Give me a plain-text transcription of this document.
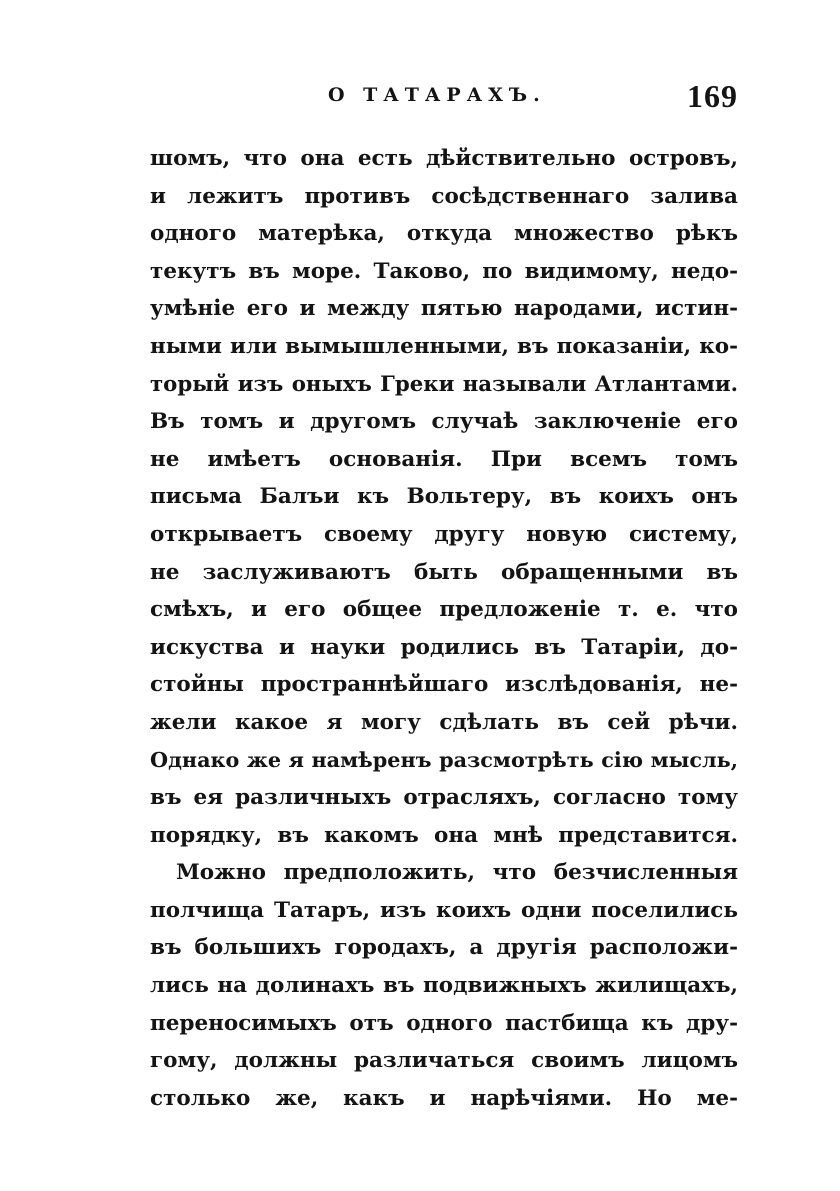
О ТАТАРАХЪ.	169
шомъ, что она есть дѣйствительно островъ,
и лежитъ противъ сосѣдственнаго залива
одного матерѣка, откуда множество рѣкъ
текутъ въ море. Таково, по видимому, недо-
умѣніе его и между пятью народами, истин-
ными или вымышленными, въ показаніи, ко-
торый изъ оныхъ Греки называли Атлантами.
Въ томъ и другомъ случаѣ заключеніе его
не имѣетъ основанія. При всемъ томъ
письма Балъи къ Вольтеру, въ коихъ онъ
открываетъ своему другу новую систему,
не заслуживаютъ быть обращенными въ
смѣхъ, и его общее предложеніе т. е. что
искуства и науки родились въ Татаріи, до-
стойны пространнѣйшаго изслѣдованія, не-
жели какое я могу сдѣлать въ сей рѣчи.
Однако же я намѣренъ разсмотрѣть сію мысль,
въ ея различныхъ отрасляхъ, согласно тому
порядку, въ какомъ она мнѣ представится.
Можно предположить, что безчисленныя
полчища Татаръ, изъ коихъ одни поселились
въ большихъ городахъ, а другія расположи-
лись на долинахъ въ подвижныхъ жилищахъ,
переносимыхъ отъ одного пастбища къ дру-
гому, должны различаться своимъ лицомъ
столько же, какъ и нарѣчіями. Но ме-
